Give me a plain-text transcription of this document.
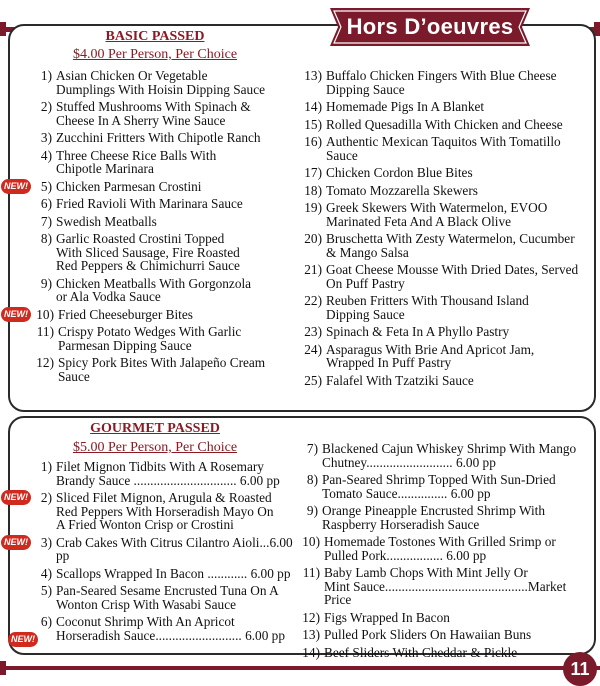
Hors D’oeuvres
BASIC PASSED
$4.00 Per Person, Per Choice
1) Asian Chicken Or Vegetable
Dumplings With Hoisin Dipping Sauce
2) Stuffed Mushrooms With Spinach &
Cheese In A Sherry Wine Sauce
3) Zucchini Fritters With Chipotle Ranch
4) Three Cheese Rice Balls With
Chipotle Marinara
NEW! 5) Chicken Parmesan Crostini
6) Fried Ravioli With Marinara Sauce
7) Swedish Meatballs
8) Garlic Roasted Crostini Topped
With Sliced Sausage, Fire Roasted
Red Peppers & Chimichurri Sauce
9) Chicken Meatballs With Gorgonzola
or Ala Vodka Sauce
NEW! 10) Fried Cheeseburger Bites
11) Crispy Potato Wedges With Garlic
Parmesan Dipping Sauce
12) Spicy Pork Bites With Jalapeño Cream
Sauce
13) Buffalo Chicken Fingers With Blue Cheese
Dipping Sauce
14) Homemade Pigs In A Blanket
15) Rolled Quesadilla With Chicken and Cheese
16) Authentic Mexican Taquitos With Tomatillo
Sauce
17) Chicken Cordon Blue Bites
18) Tomato Mozzarella Skewers
19) Greek Skewers With Watermelon, EVOO
Marinated Feta And A Black Olive
20) Bruschetta With Zesty Watermelon, Cucumber
& Mango Salsa
21) Goat Cheese Mousse With Dried Dates, Served
On Puff Pastry
22) Reuben Fritters With Thousand Island
Dipping Sauce
23) Spinach & Feta In A Phyllo Pastry
24) Asparagus With Brie And Apricot Jam,
Wrapped In Puff Pastry
25) Falafel With Tzatziki Sauce
GOURMET PASSED
$5.00 Per Person, Per Choice
1) Filet Mignon Tidbits With A Rosemary
Brandy Sauce ............................... 6.00 pp
NEW! 2) Sliced Filet Mignon, Arugula & Roasted
Red Peppers With Horseradish Mayo On
A Fried Wonton Crisp or Crostini
NEW! 3) Crab Cakes With Citrus Cilantro Aioli...6.00 pp
4) Scallops Wrapped In Bacon ............ 6.00 pp
5) Pan-Seared Sesame Encrusted Tuna On A
Wonton Crisp With Wasabi Sauce
6) Coconut Shrimp With An Apricot
Horseradish Sauce.......................... 6.00 pp
7) Blackened Cajun Whiskey Shrimp With Mango
Chutney.......................... 6.00 pp
8) Pan-Seared Shrimp Topped With Sun-Dried
Tomato Sauce............... 6.00 pp
9) Orange Pineapple Encrusted Shrimp With
Raspberry Horseradish Sauce
10) Homemade Tostones With Grilled Srimp or
Pulled Pork................. 6.00 pp
11) Baby Lamb Chops With Mint Jelly Or
Mint Sauce...........................................Market Price
12) Figs Wrapped In Bacon
13) Pulled Pork Sliders On Hawaiian Buns
14) Beef Sliders With Cheddar & Pickle
NEW!
11
